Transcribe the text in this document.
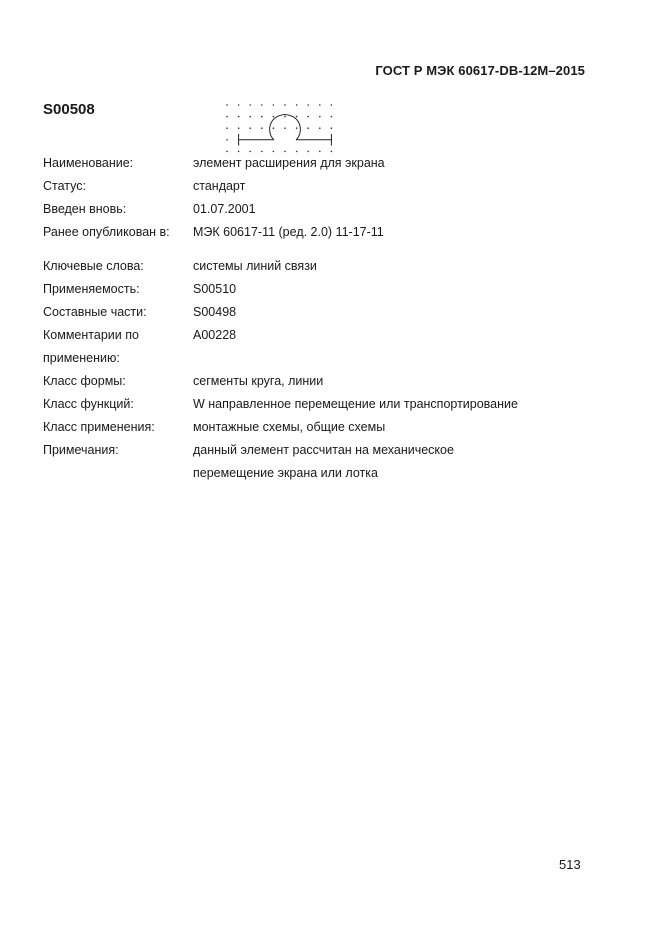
ГОСТ Р МЭК 60617-DB-12M–2015
S00508
Наименование:	элемент расширения для экрана
Статус:	стандарт
Введен вновь:	01.07.2001
Ранее опубликован в: МЭК 60617-11 (ред. 2.0) 11-17-11
Ключевые слова:	системы линий связи
Применяемость:	S00510
Составные части:	S00498
Комментарии по	A00228
применению:
Класс формы:	сегменты круга, линии
Класс функций:	W направленное перемещение или транспортирование
Класс применения:	монтажные схемы, общие схемы
Примечания:	данный элемент рассчитан на механическое
перемещение экрана или лотка
513
